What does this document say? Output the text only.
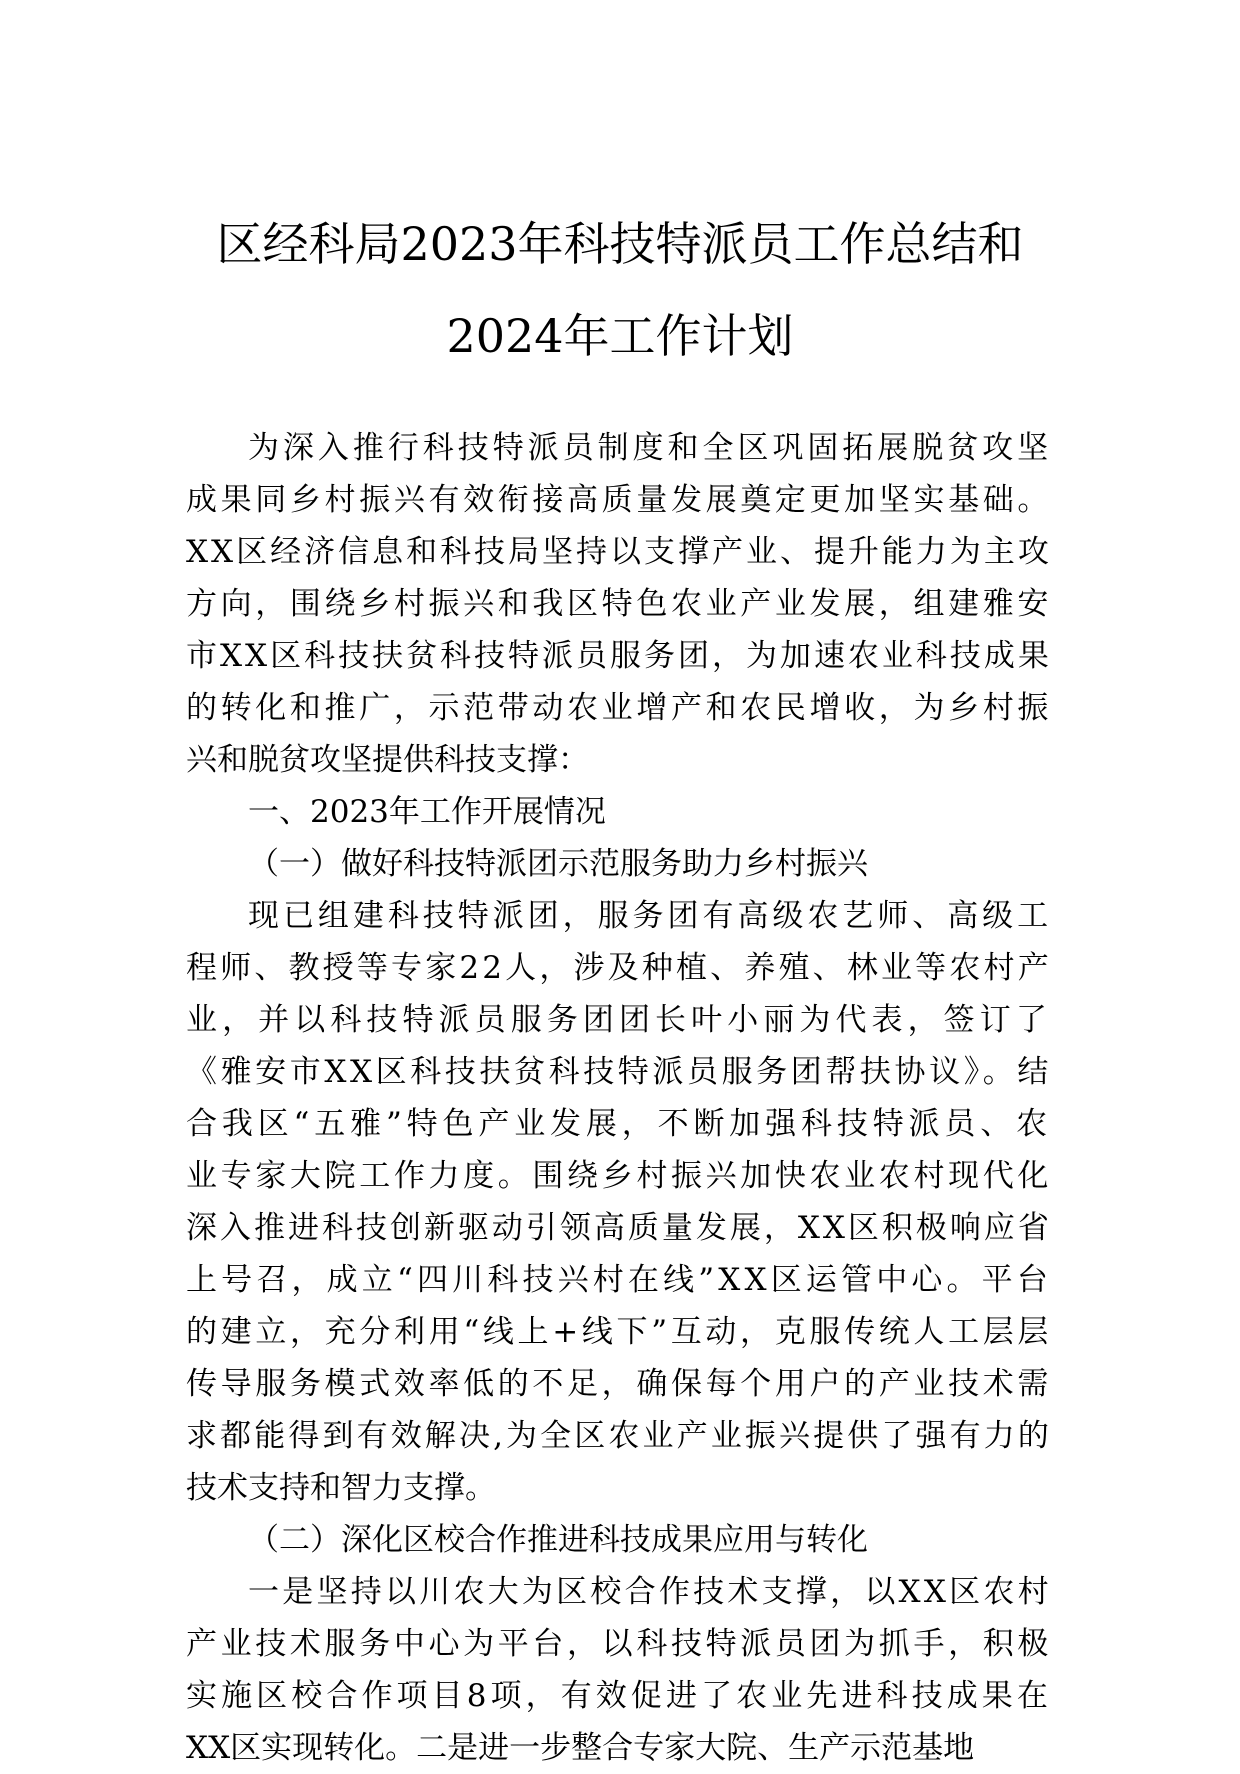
区经科局2023年科技特派员工作总结和
2024年工作计划
为深入推行科技特派员制度和全区巩固拓展脱贫攻坚
成果同乡村振兴有效衔接高质量发展奠定更加坚实基础。
XX区经济信息和科技局坚持以支撑产业、提升能力为主攻
方向，围绕乡村振兴和我区特色农业产业发展，组建雅安
市XX区科技扶贫科技特派员服务团，为加速农业科技成果
的转化和推广，示范带动农业增产和农民增收，为乡村振
兴和脱贫攻坚提供科技支撑：
一、2023年工作开展情况
（一）做好科技特派团示范服务助力乡村振兴
现已组建科技特派团，服务团有高级农艺师、高级工
程师、教授等专家22人，涉及种植、养殖、林业等农村产
业，并以科技特派员服务团团长叶小丽为代表，签订了
《雅安市XX区科技扶贫科技特派员服务团帮扶协议》。结
合我区“五雅”特色产业发展，不断加强科技特派员、农
业专家大院工作力度。围绕乡村振兴加快农业农村现代化
深入推进科技创新驱动引领高质量发展，XX区积极响应省
上号召，成立“四川科技兴村在线”XX区运管中心。平台
的建立，充分利用“线上+线下”互动，克服传统人工层层
传导服务模式效率低的不足，确保每个用户的产业技术需
求都能得到有效解决,为全区农业产业振兴提供了强有力的
技术支持和智力支撑。
（二）深化区校合作推进科技成果应用与转化
一是坚持以川农大为区校合作技术支撑，以XX区农村
产业技术服务中心为平台，以科技特派员团为抓手，积极
实施区校合作项目8项，有效促进了农业先进科技成果在
XX区实现转化。二是进一步整合专家大院、生产示范基地
